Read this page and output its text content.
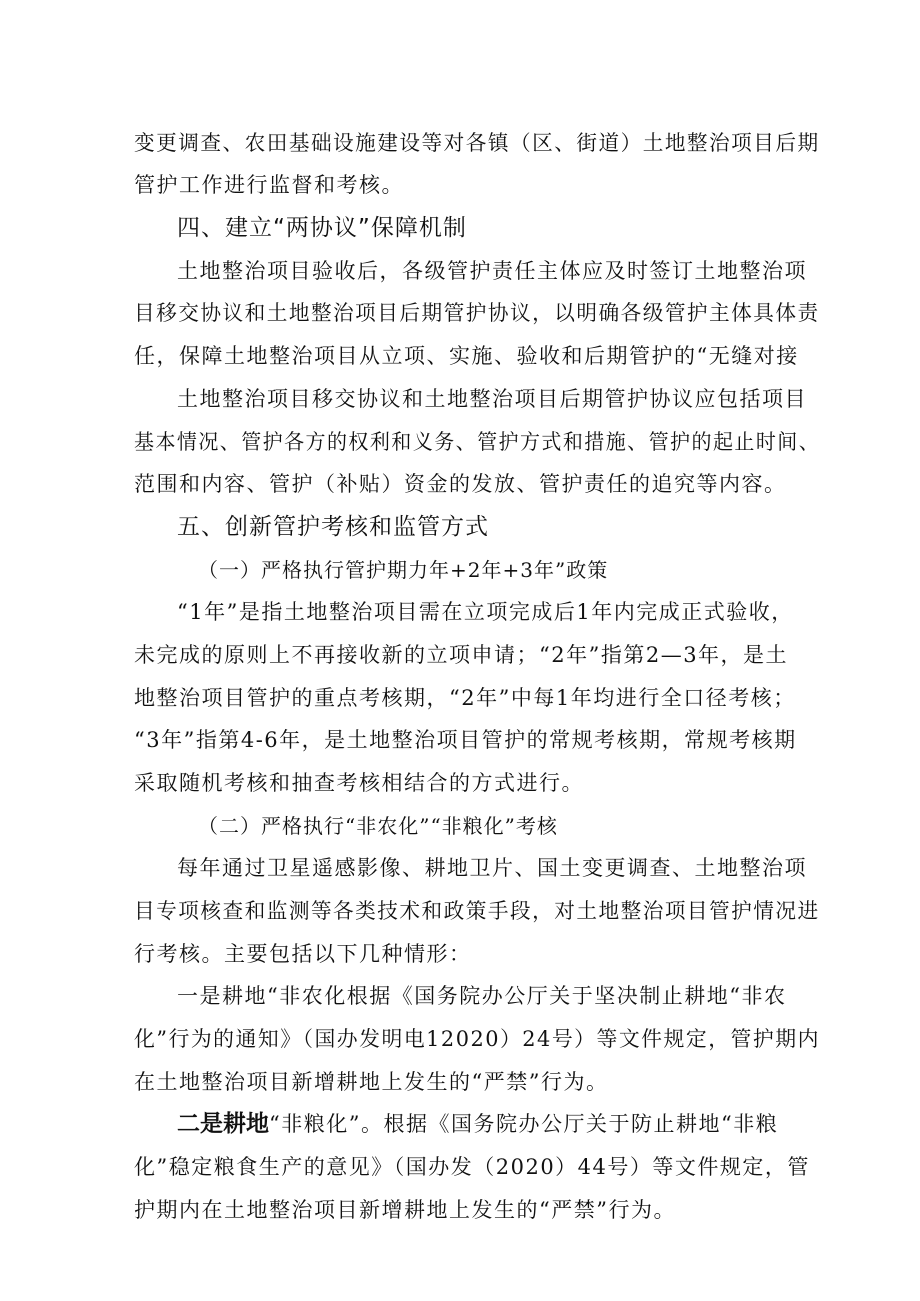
变更调查、农田基础设施建设等对各镇（区、街道）土地整治项目后期
管护工作进行监督和考核。
四、建立“两协议”保障机制
土地整治项目验收后，各级管护责任主体应及时签订土地整治项
目移交协议和土地整治项目后期管护协议，以明确各级管护主体具体责
任，保障土地整治项目从立项、实施、验收和后期管护的“无缝对接
土地整治项目移交协议和土地整治项目后期管护协议应包括项目
基本情况、管护各方的权利和义务、管护方式和措施、管护的起止时间、
范围和内容、管护（补贴）资金的发放、管护责任的追究等内容。
五、创新管护考核和监管方式
（一）严格执行管护期力年+2年+3年”政策
“1年”是指土地整治项目需在立项完成后1年内完成正式验收，
未完成的原则上不再接收新的立项申请；“2年”指第2—3年，是土
地整治项目管护的重点考核期，“2年”中每1年均进行全口径考核；
“3年”指第4-6年，是土地整治项目管护的常规考核期，常规考核期
采取随机考核和抽查考核相结合的方式进行。
（二）严格执行“非农化”“非粮化”考核
每年通过卫星遥感影像、耕地卫片、国土变更调查、土地整治项
目专项核查和监测等各类技术和政策手段，对土地整治项目管护情况进
行考核。主要包括以下几种情形：
一是耕地“非农化根据《国务院办公厅关于坚决制止耕地“非农
化”行为的通知》（国办发明电12020）24号）等文件规定，管护期内
在土地整治项目新增耕地上发生的“严禁”行为。
二是耕地“非粮化”。根据《国务院办公厅关于防止耕地“非粮
化”稳定粮食生产的意见》（国办发（2020）44号）等文件规定，管
护期内在土地整治项目新增耕地上发生的“严禁”行为。
